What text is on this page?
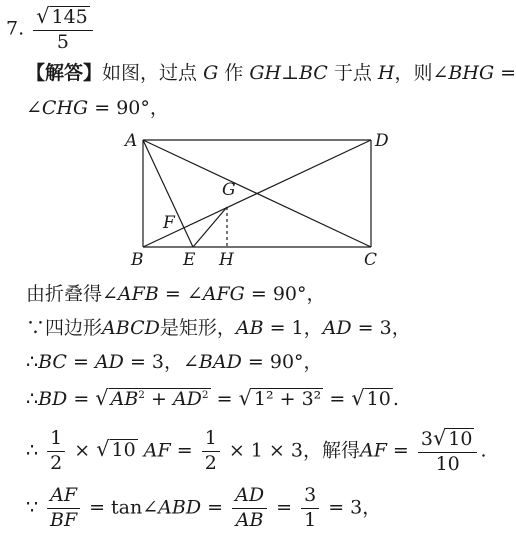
7. $\frac{√ 145}{5}$
【解答】如图，过点 G 作 GH⊥BC 于点 H，则∠BHG =
∠CHG = 90°，
A	D
B	C
G
F
E H
由折叠得∠AFB = ∠AFG = 90°，
∵四边形ABCD是矩形，AB = 1，AD = 3，
∴BC = AD = 3，∠BAD = 90°，
∴BD = √ $AB^2 + AD^2$ = √ 1² + 3² = √ 10 .
∴ $\frac{1}{2}$ × √ 10 AF = $\frac{1}{2} \times 1 \times 3$，解得AF = $\frac{3 √ 10}{10}$ .
∵ $\frac{AF}{BF}$ = tan∠ABD = $\frac{AD}{AB} = \frac{3}{1} = 3$，
